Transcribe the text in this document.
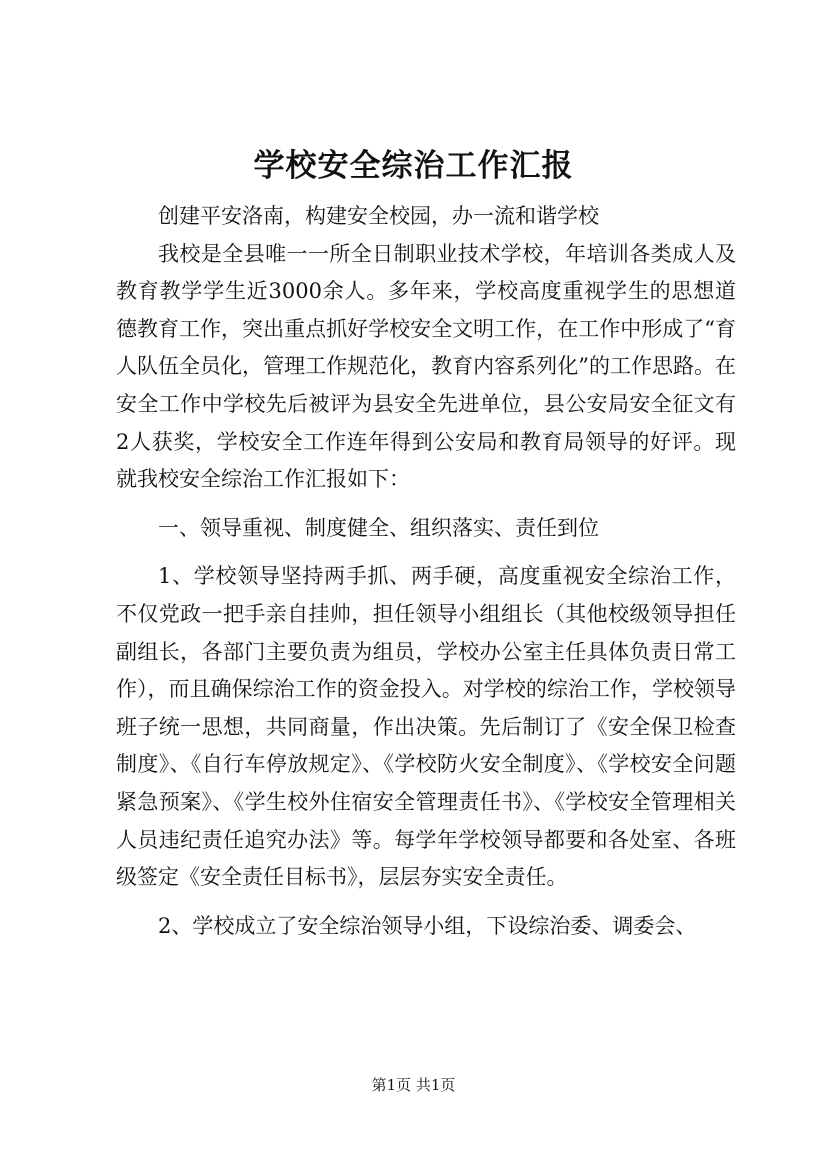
学校安全综治工作汇报

创建平安洛南，构建安全校园，办一流和谐学校

我校是全县唯一一所全日制职业技术学校，年培训各类成人及教育教学学生近3000余人。多年来，学校高度重视学生的思想道德教育工作，突出重点抓好学校安全文明工作，在工作中形成了“育人队伍全员化，管理工作规范化，教育内容系列化”的工作思路。在安全工作中学校先后被评为县安全先进单位，县公安局安全征文有2人获奖，学校安全工作连年得到公安局和教育局领导的好评。现就我校安全综治工作汇报如下：

一、领导重视、制度健全、组织落实、责任到位

1、学校领导坚持两手抓、两手硬，高度重视安全综治工作，不仅党政一把手亲自挂帅，担任领导小组组长（其他校级领导担任副组长，各部门主要负责为组员，学校办公室主任具体负责日常工作），而且确保综治工作的资金投入。对学校的综治工作，学校领导班子统一思想，共同商量，作出决策。先后制订了《安全保卫检查制度》、《自行车停放规定》、《学校防火安全制度》、《学校安全问题紧急预案》、《学生校外住宿安全管理责任书》、《学校安全管理相关人员违纪责任追究办法》等。每学年学校领导都要和各处室、各班级签定《安全责任目标书》，层层夯实安全责任。

2、学校成立了安全综治领导小组，下设综治委、调委会、

第1页 共1页
